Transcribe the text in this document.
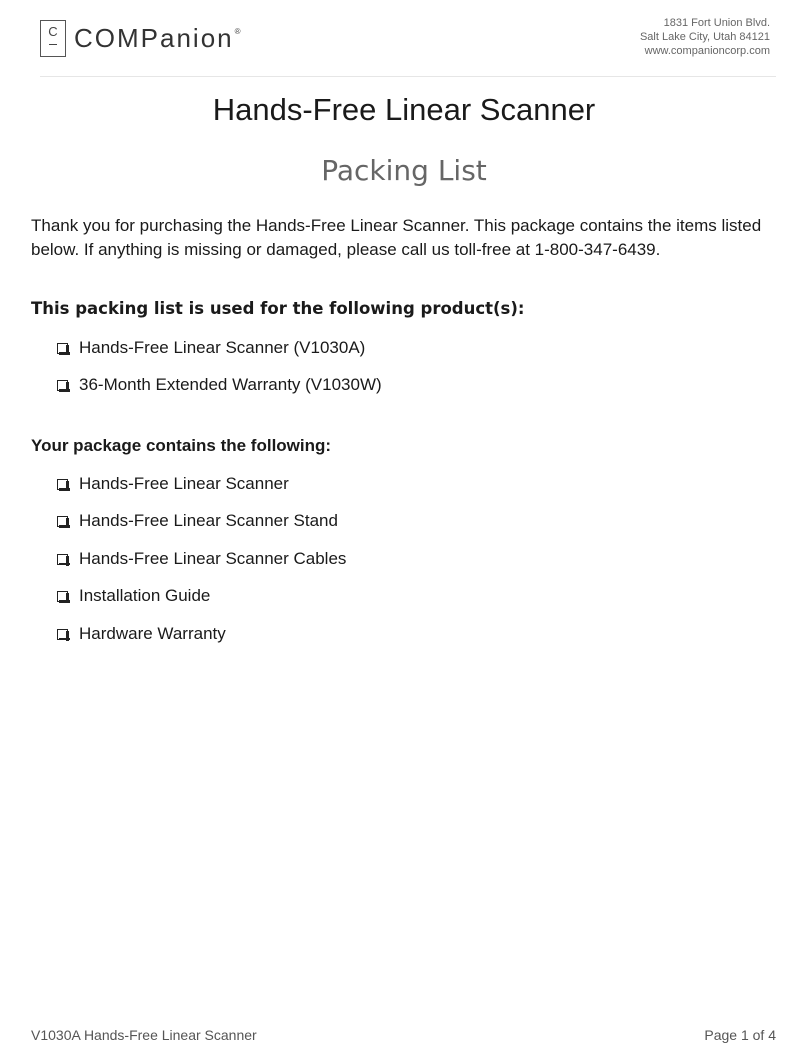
C COMPanion®
1831 Fort Union Blvd.
Salt Lake City, Utah 84121
www.companioncorp.com
Hands-Free Linear Scanner
Packing List
Thank you for purchasing the Hands-Free Linear Scanner. This package contains the items listed below. If anything is missing or damaged, please call us toll-free at 1-800-347-6439.
This packing list is used for the following product(s):
Hands-Free Linear Scanner (V1030A)
36-Month Extended Warranty (V1030W)
Your package contains the following:
Hands-Free Linear Scanner
Hands-Free Linear Scanner Stand
Hands-Free Linear Scanner Cables
Installation Guide
Hardware Warranty
V1030A Hands-Free Linear Scanner	Page 1 of 4
